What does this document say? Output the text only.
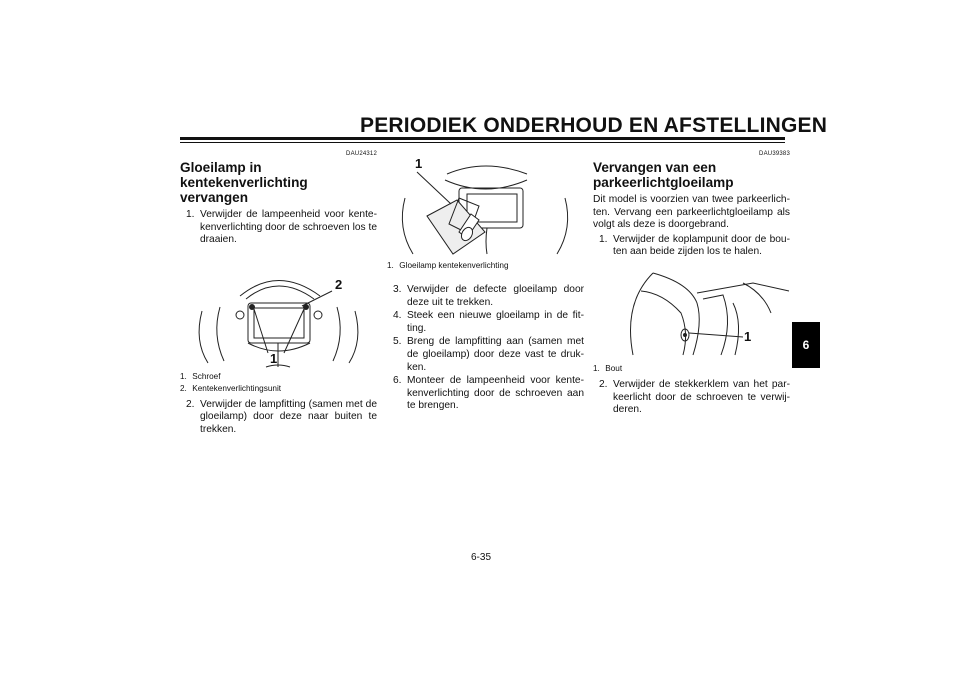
PERIODIEK ONDERHOUD EN AFSTELLINGEN
6
DAU24312
Gloeilamp in kentekenverlichting vervangen
1. Verwijder de lampeenheid voor kentekenverlichting door de schroeven los te draaien.
2
1
1. Schroef
2. Kentekenverlichtingsunit
2. Verwijder de lampfitting (samen met de gloeilamp) door deze naar buiten te trekken.
1
1. Gloeilamp kentekenverlichting
3. Verwijder de defecte gloeilamp door deze uit te trekken.
4. Steek een nieuwe gloeilamp in de fitting.
5. Breng de lampfitting aan (samen met de gloeilamp) door deze vast te drukken.
6. Monteer de lampeenheid voor kentekenverlichting door de schroeven aan te brengen.
DAU39383
Vervangen van een parkeerlichtgloeilamp
Dit model is voorzien van twee parkeerlichten. Vervang een parkeerlichtgloeilamp als volgt als deze is doorgebrand.
1. Verwijder de koplampunit door de bouten aan beide zijden los te halen.
1
1. Bout
2. Verwijder de stekkerklem van het parkeerlicht door de schroeven te verwijderen.
6-35
